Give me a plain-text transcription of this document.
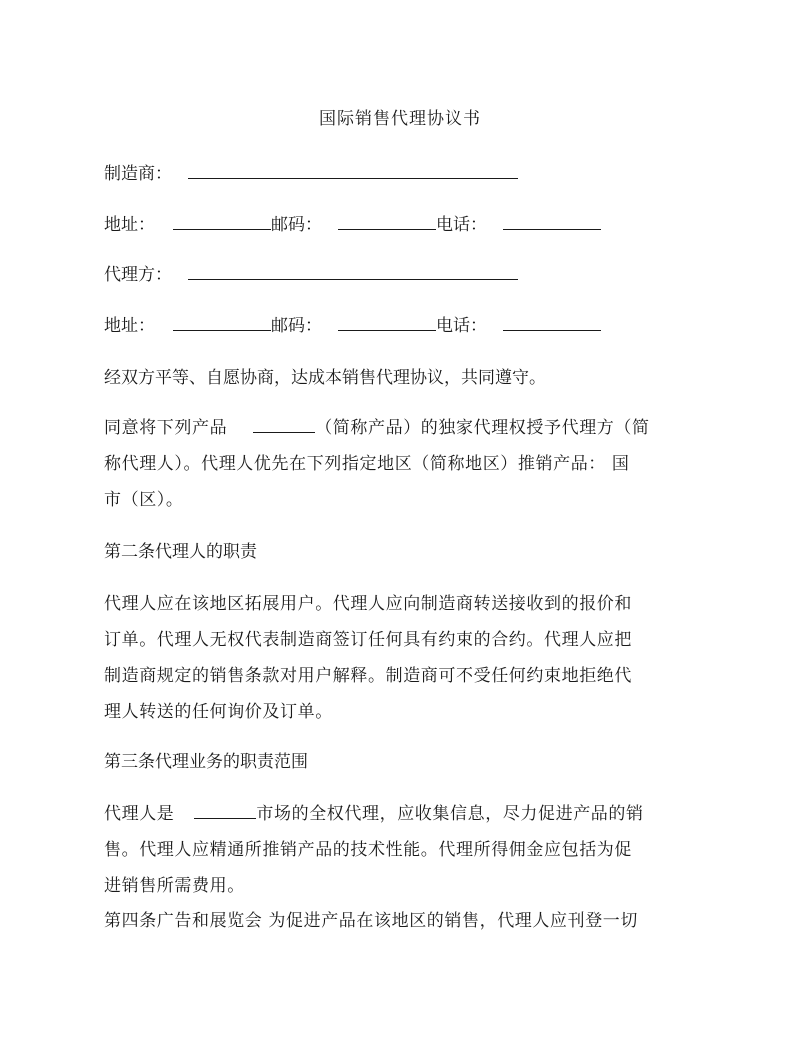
国际销售代理协议书
制造商：
地址：	邮码：	电话：
代理方：
地址：	邮码：	电话：
经双方平等、自愿协商，达成本销售代理协议，共同遵守。
同意将下列产品	（简称产品）的独家代理权授予代理方（简
称代理人）。代理人优先在下列指定地区（简称地区）推销产品： 国
市（区）。
第二条代理人的职责
代理人应在该地区拓展用户。代理人应向制造商转送接收到的报价和
订单。代理人无权代表制造商签订任何具有约束的合约。代理人应把
制造商规定的销售条款对用户解释。制造商可不受任何约束地拒绝代
理人转送的任何询价及订单。
第三条代理业务的职责范围
代理人是	市场的全权代理，应收集信息，尽力促进产品的销
售。代理人应精通所推销产品的技术性能。代理所得佣金应包括为促
进销售所需费用。
第四条广告和展览会 为促进产品在该地区的销售，代理人应刊登一切
